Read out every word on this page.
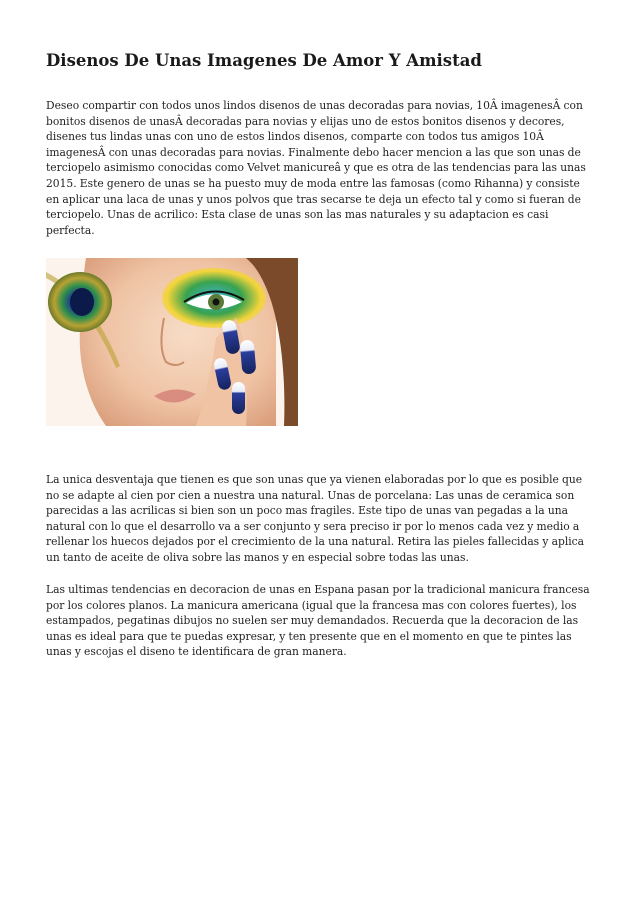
Disenos De Unas Imagenes De Amor Y Amistad

Deseo compartir con todos unos lindos disenos de unas decoradas para novias, 10Â imagenesÂ con bonitos disenos de unasÂ decoradas para novias y elijas uno de estos bonitos disenos y decores, disenes tus lindas unas con uno de estos lindos disenos, comparte con todos tus amigos 10Â imagenesÂ con unas decoradas para novias. Finalmente debo hacer mencion a las que son unas de terciopelo asimismo conocidas como Velvet manicureâ y que es otra de las tendencias para las unas 2015. Este genero de unas se ha puesto muy de moda entre las famosas (como Rihanna) y consiste en aplicar una laca de unas y unos polvos que tras secarse te deja un efecto tal y como si fueran de terciopelo. Unas de acrilico: Esta clase de unas son las mas naturales y su adaptacion es casi perfecta.

La unica desventaja que tienen es que son unas que ya vienen elaboradas por lo que es posible que no se adapte al cien por cien a nuestra una natural. Unas de porcelana: Las unas de ceramica son parecidas a las acrilicas si bien son un poco mas fragiles. Este tipo de unas van pegadas a la una natural con lo que el desarrollo va a ser conjunto y sera preciso ir por lo menos cada vez y medio a rellenar los huecos dejados por el crecimiento de la una natural. Retira las pieles fallecidas y aplica un tanto de aceite de oliva sobre las manos y en especial sobre todas las unas.

Las ultimas tendencias en decoracion de unas en Espana pasan por la tradicional manicura francesa por los colores planos. La manicura americana (igual que la francesa mas con colores fuertes), los estampados, pegatinas dibujos no suelen ser muy demandados. Recuerda que la decoracion de las unas es ideal para que te puedas expresar, y ten presente que en el momento en que te pintes las unas y escojas el diseno te identificara de gran manera.
